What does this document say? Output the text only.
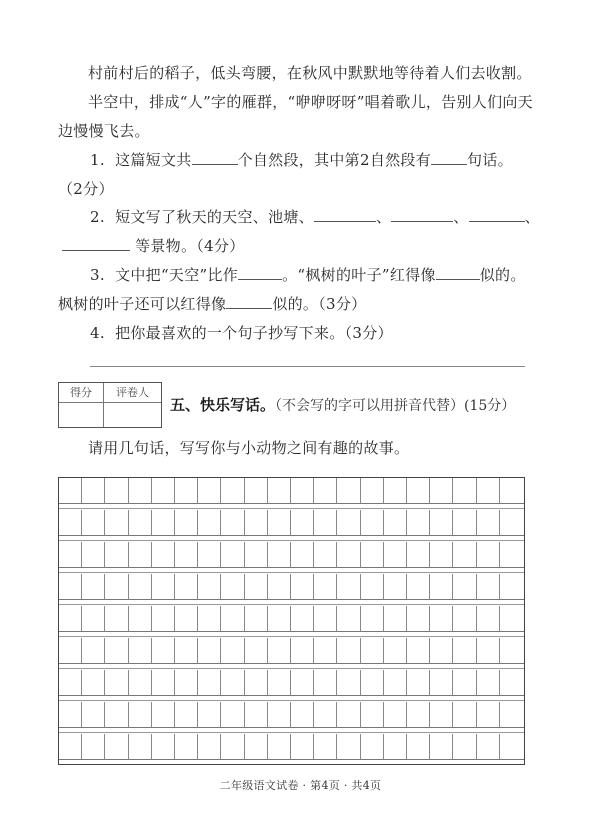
村前村后的稻子，低头弯腰，在秋风中默默地等待着人们去收割。
半空中，排成“人”字的雁群，“咿咿呀呀”唱着歌儿，告别人们向天
边慢慢飞去。
1. 这篇短文共	个自然段，其中第2自然段有 句话。
（2分）
2. 短文写了秋天的天空、池塘、	、	、	、
等景物。（4分）
3. 文中把“天空”比作	。“枫树的叶子”红得像	似的。
枫树的叶子还可以红得像	似的。（3分）
4. 把你最喜欢的一个句子抄写下来。（3分）
得分	评卷人
五、快乐写话。（不会写的字可以用拼音代替）(15分）
请用几句话，写写你与小动物之间有趣的故事。
二年级语文试卷 · 第4页 · 共4页
